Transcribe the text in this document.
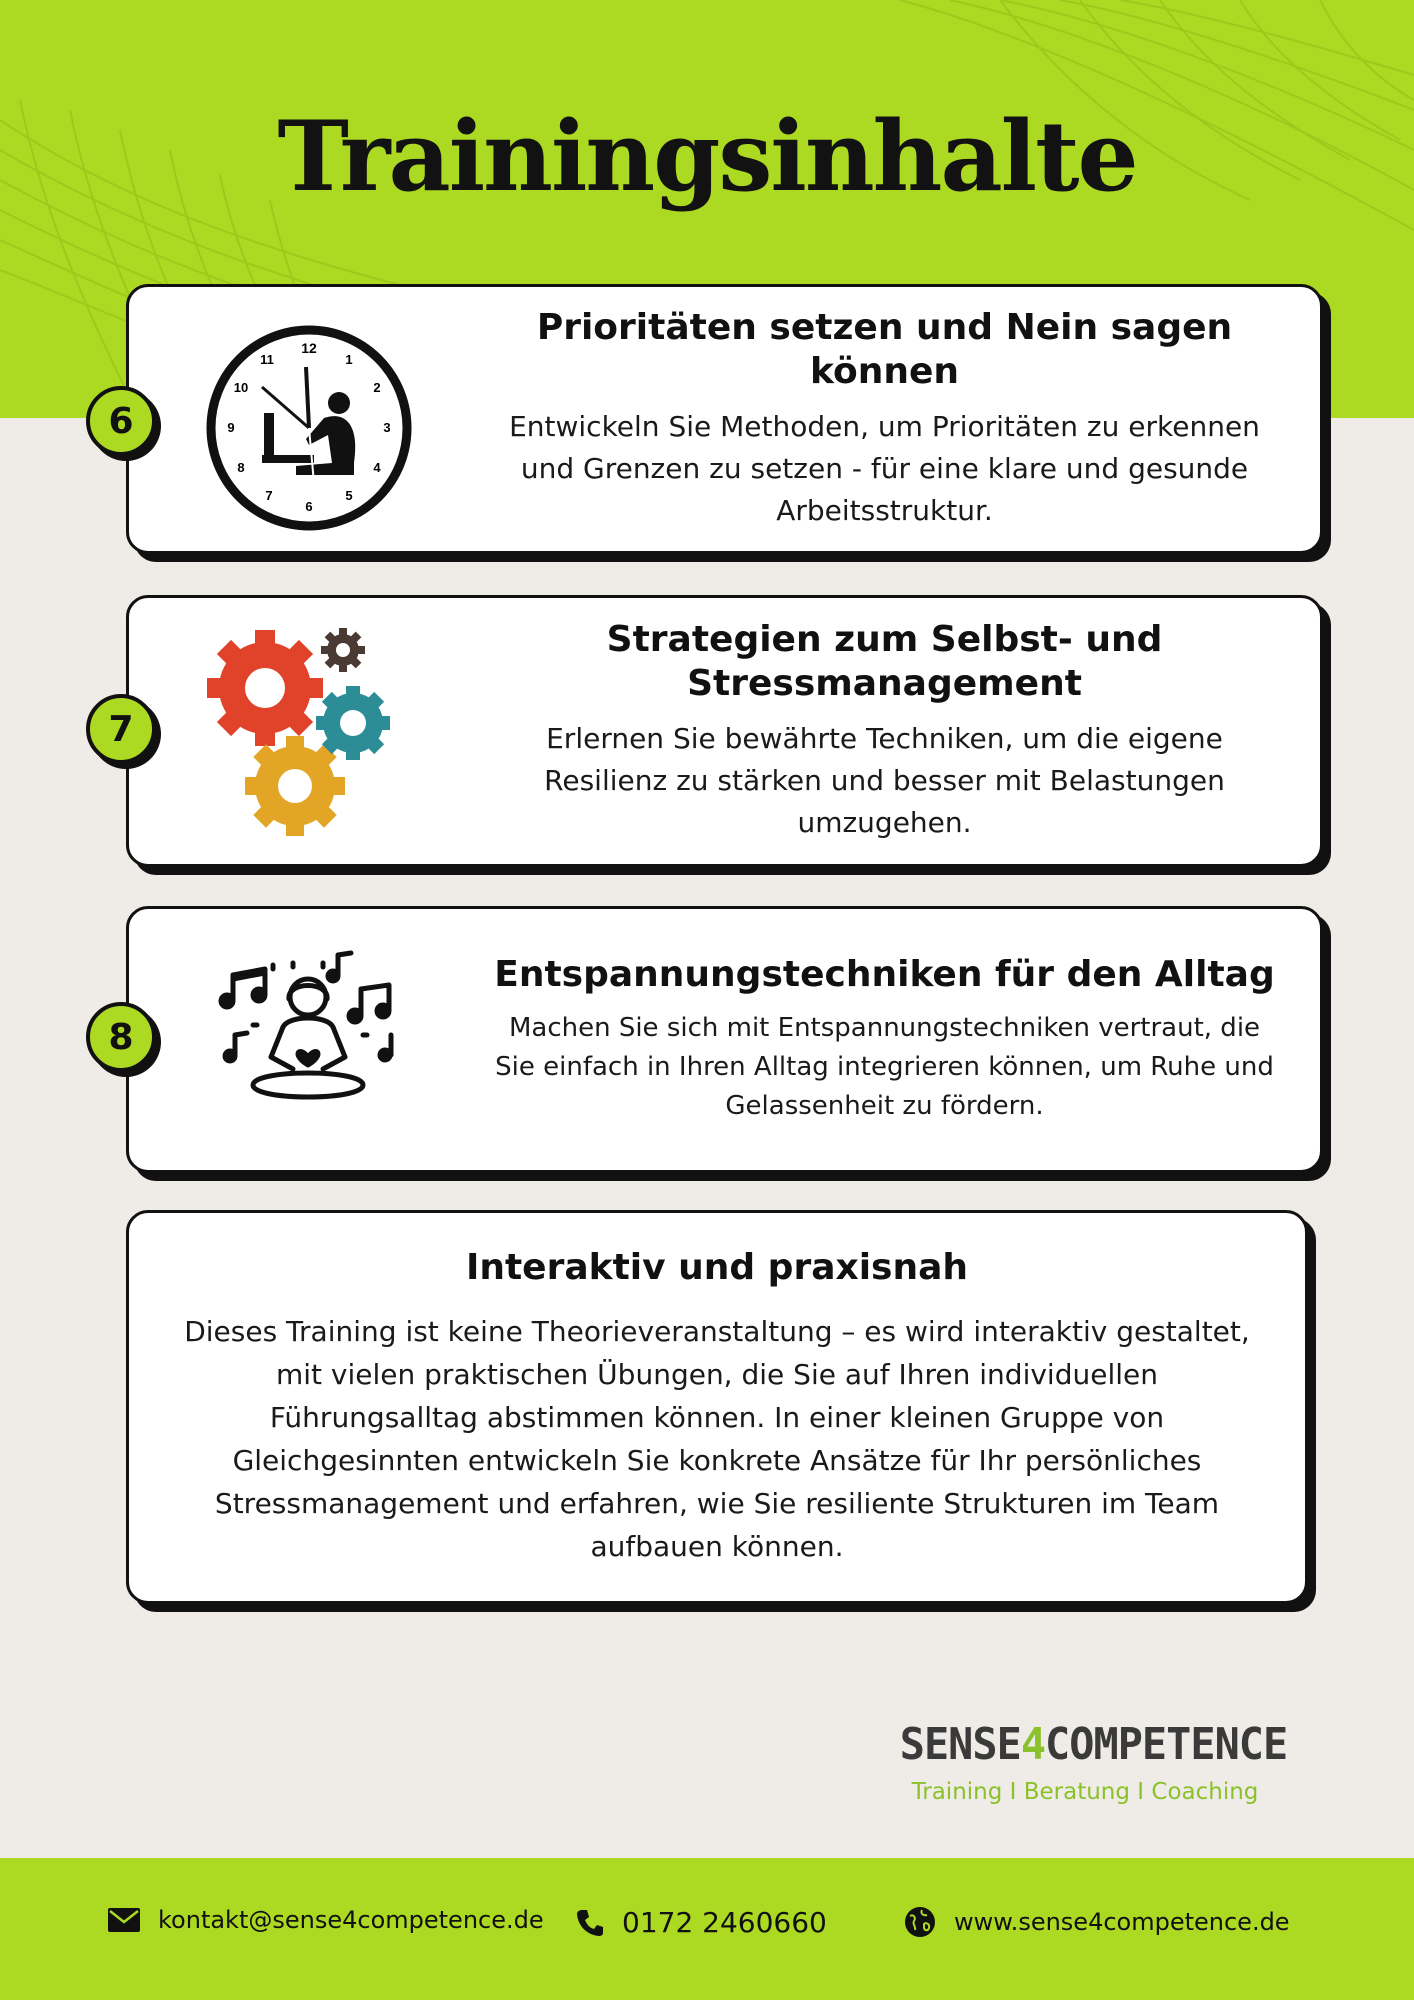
Trainingsinhalte
12
1
2
3
4
5
6
7
8
9
10
11
Prioritäten setzen und Nein sagen können

Entwickeln Sie Methoden, um Prioritäten zu erkennen und Grenzen zu setzen - für eine klare und gesunde Arbeitsstruktur.

6
Strategien zum Selbst- und Stressmanagement

Erlernen Sie bewährte Techniken, um die eigene Resilienz zu stärken und besser mit Belastungen umzugehen.

7
Entspannungstechniken für den Alltag

Machen Sie sich mit Entspannungstechniken vertraut, die Sie einfach in Ihren Alltag integrieren können, um Ruhe und Gelassenheit zu fördern.

8
Interaktiv und praxisnah

Dieses Training ist keine Theorieveranstaltung – es wird interaktiv gestaltet, mit vielen praktischen Übungen, die Sie auf Ihren individuellen Führungsalltag abstimmen können. In einer kleinen Gruppe von Gleichgesinnten entwickeln Sie konkrete Ansätze für Ihr persönliches Stressmanagement und erfahren, wie Sie resiliente Strukturen im Team aufbauen können.

SENSE4COMPETENCE
Training I Beratung I Coaching
kontakt@sense4competence.de	0172 2460660	www.sense4competence.de
